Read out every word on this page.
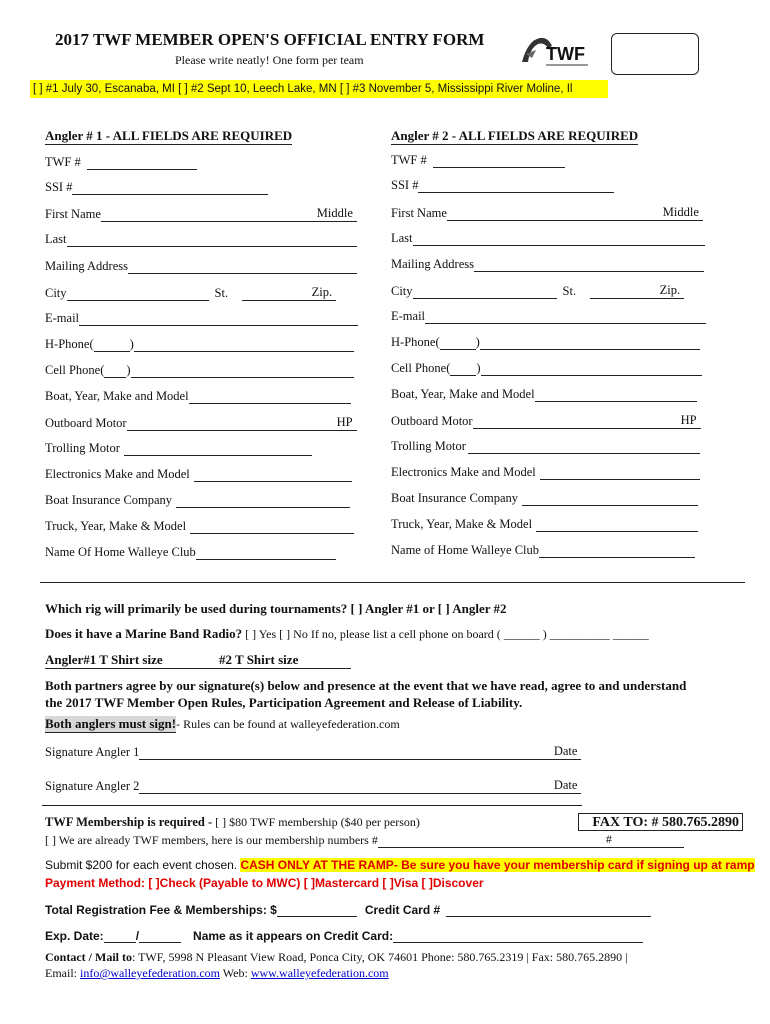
2017 TWF MEMBER OPEN'S OFFICIAL ENTRY FORM
Please write neatly! One form per team	TWF
[ ] #1 July 30, Escanaba, MI [ ] #2 Sept 10, Leech Lake, MN [ ] #3 November 5, Mississippi River Moline, Il
Angler # 1 - ALL FIELDS ARE REQUIRED
TWF #
SSI #
First Name	Middle
Last
Mailing Address
City	St.	Zip.
E-mail
H-Phone(	)
Cell Phone( )
Boat, Year, Make and Model
Outboard Motor	HP
Trolling Motor
Electronics Make and Model
Boat Insurance Company
Truck, Year, Make & Model
Name Of Home Walleye Club
Angler # 2 - ALL FIELDS ARE REQUIRED
TWF #
SSI #
First Name	Middle
Last
Mailing Address
City	St.	Zip.
E-mail
H-Phone(	)
Cell Phone( )
Boat, Year, Make and Model
Outboard Motor	HP
Trolling Motor
Electronics Make and Model
Boat Insurance Company
Truck, Year, Make & Model
Name of Home Walleye Club
Which rig will primarily be used during tournaments? [ ] Angler #1 or [ ] Angler #2
Does it have a Marine Band Radio? [ ] Yes [ ] No If no, please list a cell phone on board ( ______ ) __________ ______
Angler#1 T Shirt size	#2 T Shirt size
Both partners agree by our signature(s) below and presence at the event that we have read, agree to and understand the 2017 TWF Member Open Rules, Participation Agreement and Release of Liability.
Both anglers must sign!- Rules can be found at walleyefederation.com
Signature Angler 1	Date
Signature Angler 2	Date
TWF Membership is required - [ ] $80 TWF membership ($40 per person)
[ ] We are already TWF members, here is our membership numbers #	#
FAX TO: # 580.765.2890
Submit $200 for each event chosen. CASH ONLY AT THE RAMP- Be sure you have your membership card if signing up at ramp
Payment Method: [ ]Check (Payable to MWC) [ ]Mastercard [ ]Visa [ ]Discover
Total Registration Fee & Memberships: $	Credit Card #
Exp. Date:	/	Name as it appears on Credit Card:
Contact / Mail to: TWF, 5998 N Pleasant View Road, Ponca City, OK 74601 Phone: 580.765.2319 | Fax: 580.765.2890 |
Email: info@walleyefederation.com Web: www.walleyefederation.com
